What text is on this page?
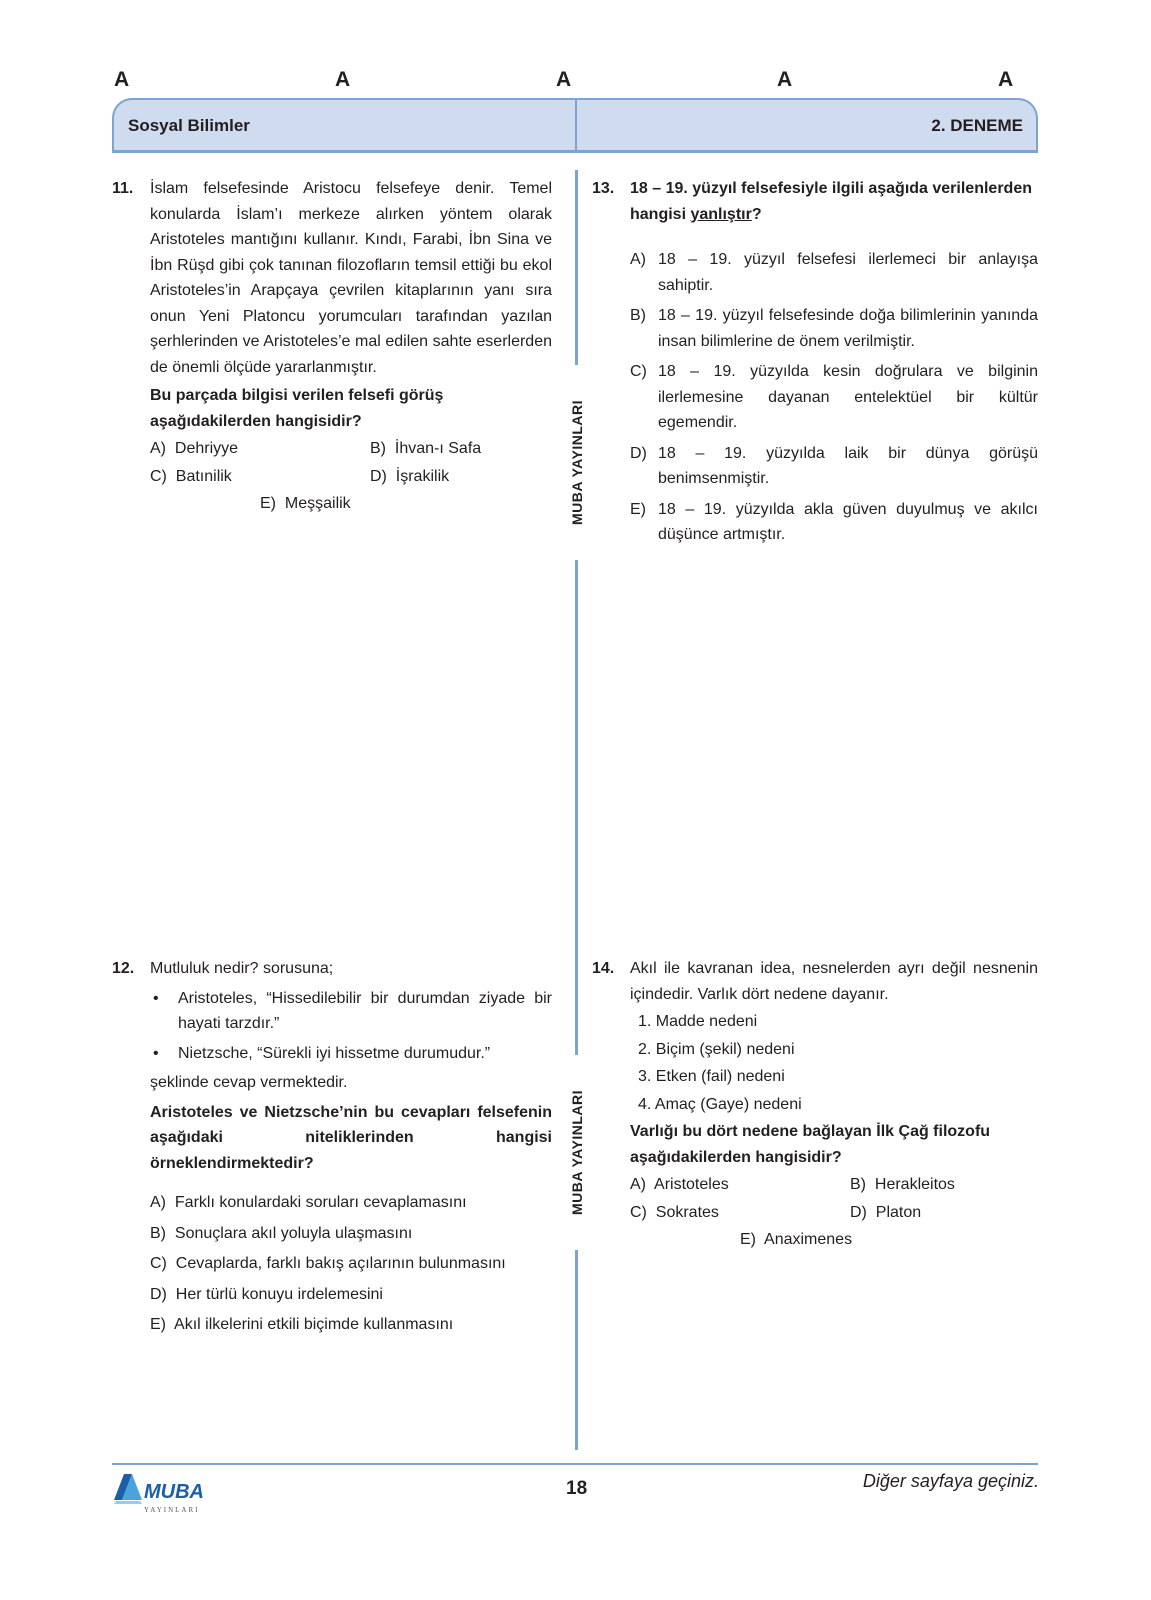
A	A	A	A	A
Sosyal Bilimler	2. DENEME
MUBA YAYINLARI
MUBA YAYINLARI
11.	İslam felsefesinde Aristocu felsefeye denir. Temel konularda İslam’ı merkeze alırken yöntem olarak Aristoteles mantığını kullanır. Kındı, Farabi, İbn Sina ve İbn Rüşd gibi çok tanınan filozofların temsil ettiği bu ekol Aristoteles’in Arapçaya çevrilen kitaplarının yanı sıra onun Yeni Platoncu yorumcuları tarafından yazılan şerhlerinden ve Aristoteles’e mal edilen sahte eserlerden de önemli ölçüde yararlanmıştır.
Bu parçada bilgisi verilen felsefi görüş aşağıdakilerden hangisidir?
A) Dehriyye	B) İhvan-ı Safa
C) Batınilik	D) İşrakilik
E) Meşşailik
13. 18 – 19. yüzyıl felsefesiyle ilgili aşağıda verilenlerden hangisi yanlıştır?
A) 18 – 19. yüzyıl felsefesi ilerlemeci bir anlayışa sahiptir.
B) 18 – 19. yüzyıl felsefesinde doğa bilimlerinin yanında insan bilimlerine de önem verilmiştir.
C) 18 – 19. yüzyılda kesin doğrulara ve bilginin ilerlemesine dayanan entelektüel bir kültür egemendir.
D) 18 – 19. yüzyılda laik bir dünya görüşü benimsenmiştir.
E) 18 – 19. yüzyılda akla güven duyulmuş ve akılcı düşünce artmıştır.
12. Mutluluk nedir? sorusuna;
•	Aristoteles, “Hissedilebilir bir durumdan ziyade bir hayati tarzdır.”
•	Nietzsche, “Sürekli iyi hissetme durumudur.”
şeklinde cevap vermektedir.
Aristoteles ve Nietzsche’nin bu cevapları felsefenin aşağıdaki niteliklerinden hangisi örneklendirmektedir?
A) Farklı konulardaki soruları cevaplamasını
B) Sonuçlara akıl yoluyla ulaşmasını
C) Cevaplarda, farklı bakış açılarının bulunmasını
D) Her türlü konuyu irdelemesini
E) Akıl ilkelerini etkili biçimde kullanmasını
14. Akıl ile kavranan idea, nesnelerden ayrı değil nesnenin içindedir. Varlık dört nedene dayanır.
1. Madde nedeni
2. Biçim (şekil) nedeni
3. Etken (fail) nedeni
4. Amaç (Gaye) nedeni
Varlığı bu dört nedene bağlayan İlk Çağ filozofu aşağıdakilerden hangisidir?
A) Aristoteles	B) Herakleitos
C) Sokrates	D) Platon
E) Anaximenes
MUBA
YAYINLARI
18	Diğer sayfaya geçiniz.
